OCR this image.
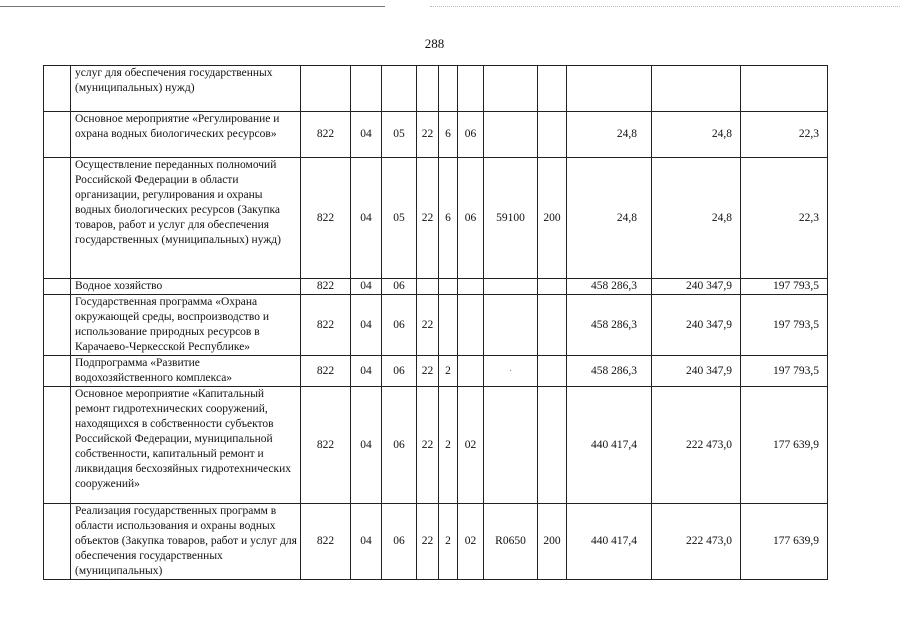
288
	услуг для обеспечения государственных (муниципальных) нужд)											
	Основное мероприятие «Регулирование и охрана водных биологических ресурсов»	822	04	05	22	6	06			24,8	24,8	22,3
	Осуществление переданных полномочий Российской Федерации в области организации, регулирования и охраны водных биологических ресурсов (Закупка товаров, работ и услуг для обеспечения государственных (муниципальных) нужд)	822	04	05	22	6	06	59100	200	24,8	24,8	22,3
	Водное хозяйство	822	04	06						458 286,3	240 347,9	197 793,5
	Государственная программа «Охрана окружающей среды, воспроизводство и использование природных ресурсов в Карачаево-Черкесской Республике»	822	04	06	22					458 286,3	240 347,9	197 793,5
	Подпрограмма «Развитие водохозяйственного комплекса»	822	04	06	22	2		·		458 286,3	240 347,9	197 793,5
	Основное мероприятие «Капитальный ремонт гидротехнических сооружений, находящихся в собственности субъектов Российской Федерации, муниципальной собственности, капитальный ремонт и ликвидация бесхозяйных гидротехнических сооружений»	822	04	06	22	2	02			440 417,4	222 473,0	177 639,9
	Реализация государственных программ в области использования и охраны водных объектов (Закупка товаров, работ и услуг для обеспечения государственных (муниципальных)	822	04	06	22	2	02	R0650	200	440 417,4	222 473,0	177 639,9
